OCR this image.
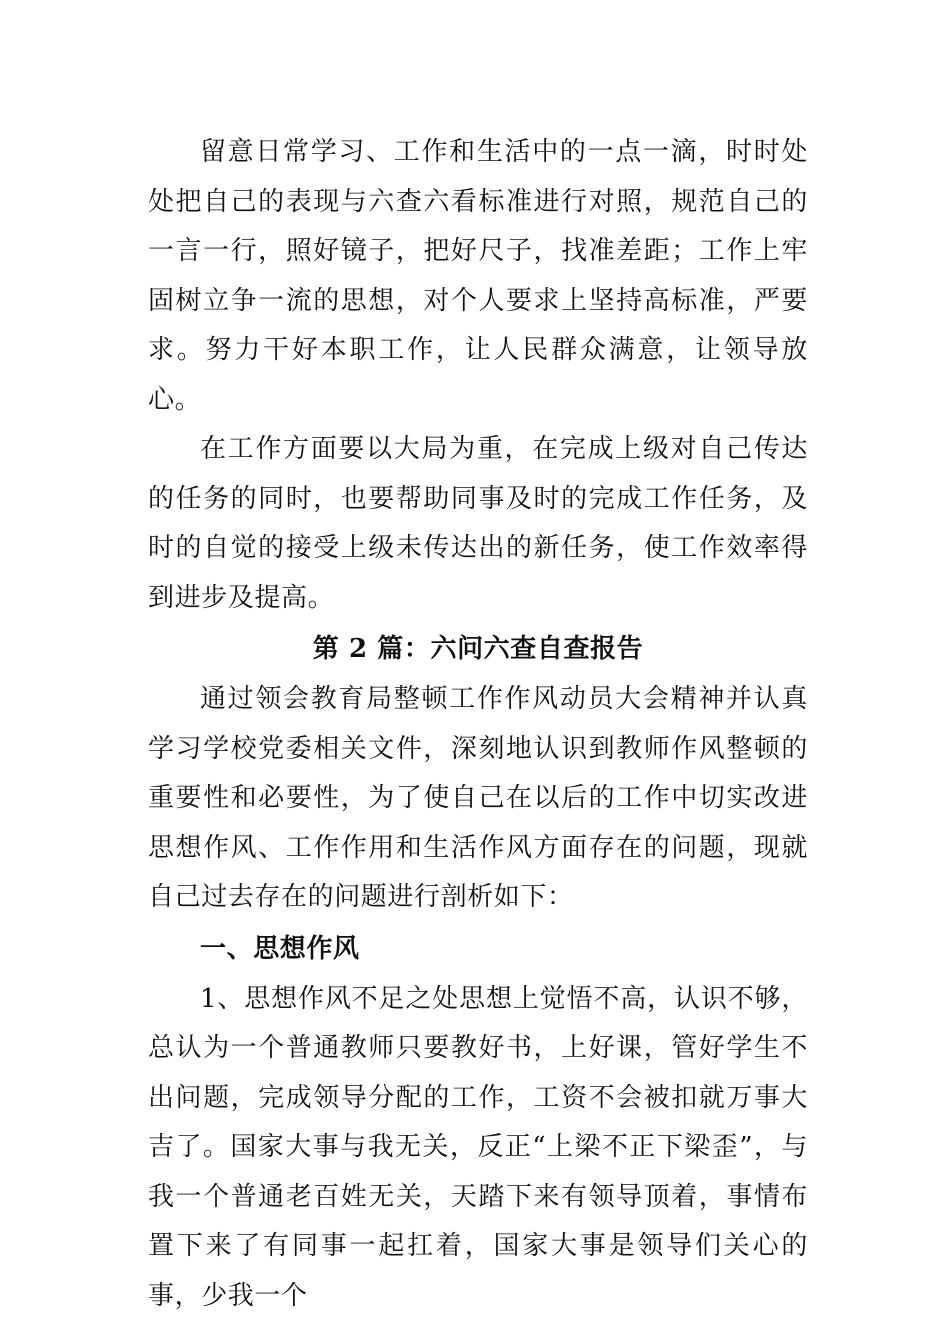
留意日常学习、工作和生活中的一点一滴，时时处处把自己的表现与六查六看标准进行对照，规范自己的一言一行，照好镜子，把好尺子，找准差距；工作上牢固树立争一流的思想，对个人要求上坚持高标准，严要求。努力干好本职工作，让人民群众满意，让领导放心。

在工作方面要以大局为重，在完成上级对自己传达的任务的同时，也要帮助同事及时的完成工作任务，及时的自觉的接受上级未传达出的新任务，使工作效率得到进步及提高。

第 2 篇：六问六查自查报告

通过领会教育局整顿工作作风动员大会精神并认真学习学校党委相关文件，深刻地认识到教师作风整顿的重要性和必要性，为了使自己在以后的工作中切实改进思想作风、工作作用和生活作风方面存在的问题，现就自己过去存在的问题进行剖析如下：

一、思想作风

1、思想作风不足之处思想上觉悟不高，认识不够，总认为一个普通教师只要教好书，上好课，管好学生不出问题，完成领导分配的工作，工资不会被扣就万事大吉了。国家大事与我无关，反正“上梁不正下梁歪”，与我一个普通老百姓无关，天踏下来有领导顶着，事情布置下来了有同事一起扛着，国家大事是领导们关心的事，少我一个
